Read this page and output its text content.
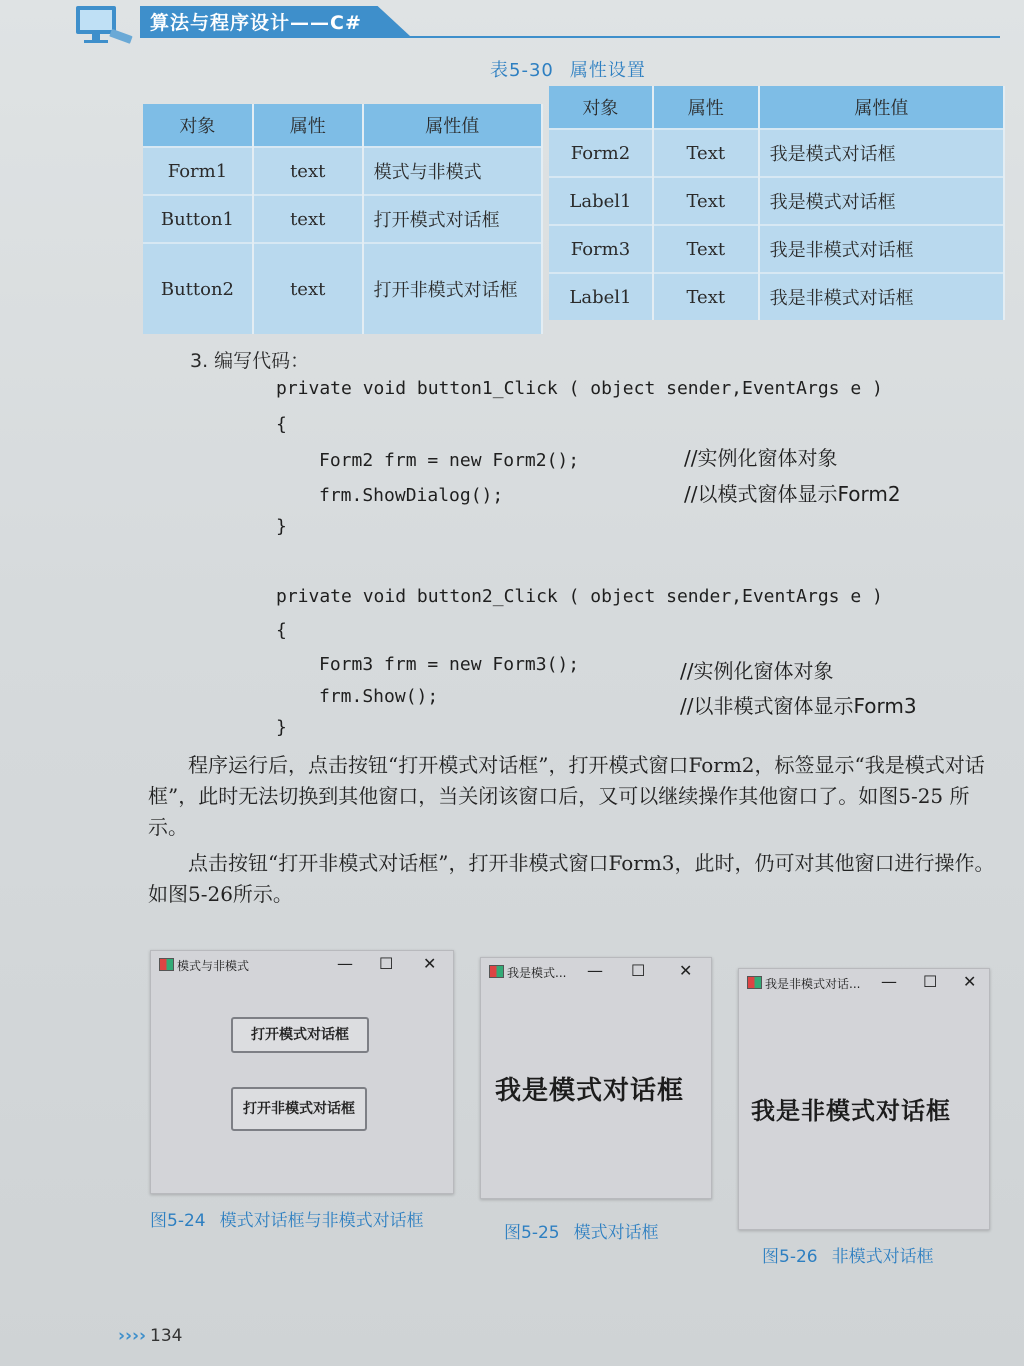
算法与程序设计——C#
表5-30 属性设置
对象	属性	属性值
Form1	text	模式与非模式
Button1	text	打开模式对话框
Button2	text	打开非模式对话框
对象	属性	属性值
Form2	Text	我是模式对话框
Label1	Text	我是模式对话框
Form3	Text	我是非模式对话框
Label1	Text	我是非模式对话框
3. 编写代码：
private void button1_Click ( object sender,EventArgs e )
{
Form2 frm = new Form2();	//实例化窗体对象
frm.ShowDialog();	//以模式窗体显示Form2
}
private void button2_Click ( object sender,EventArgs e )
{
Form3 frm = new Form3();	//实例化窗体对象
frm.Show();	//以非模式窗体显示Form3
}
　　程序运行后，点击按钮“打开模式对话框”，打开模式窗口Form2，标签显示“我是模式对话框”，此时无法切换到其他窗口，当关闭该窗口后，又可以继续操作其他窗口了。如图5-25 所示。
　　点击按钮“打开非模式对话框”，打开非模式窗口Form3，此时，仍可对其他窗口进行操作。如图5-26所示。
模式与非模式	— ☐ ✕
打开模式对话框
打开非模式对话框
图5-24 模式对话框与非模式对话框
我是模式... — ☐ ✕
我是模式对话框
图5-25 模式对话框
我是非模式对话... — ☐ ✕
我是非模式对话框
图5-26 非模式对话框
›››› 134
